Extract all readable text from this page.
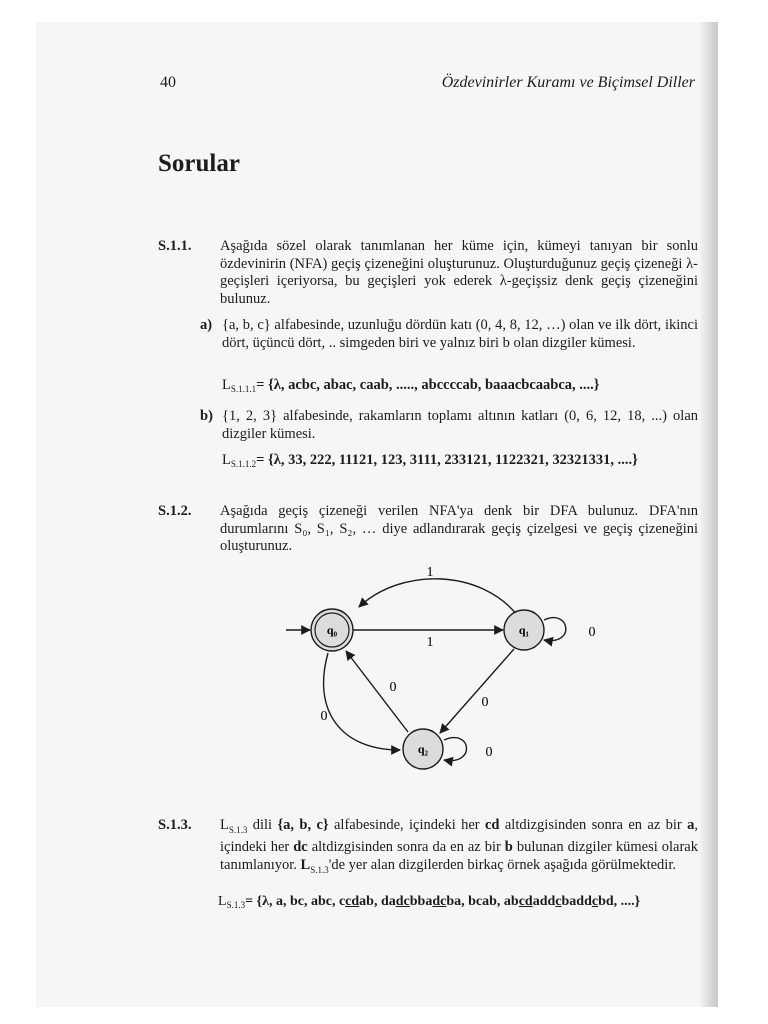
40	Özdevinirler Kuramı ve Biçimsel Diller
Sorular
S.1.1. Aşağıda sözel olarak tanımlanan her küme için, kümeyi tanıyan bir sonlu özdevinirin (NFA) geçiş çizeneğini oluşturunuz. Oluşturduğunuz geçiş çizeneği λ-geçişleri içeriyorsa, bu geçişleri yok ederek λ-geçişsiz denk geçiş çizeneğini bulunuz.
a) {a, b, c} alfabesinde, uzunluğu dördün katı (0, 4, 8, 12, …) olan ve ilk dört, ikinci dört, üçüncü dört, .. simgeden biri ve yalnız biri b olan dizgiler kümesi.
$L_{S.1.1.1}= \{\lambda$, acbc, abac, caab, ....., abccccab, baaacbcaabca, ....}
b) {1, 2, 3} alfabesinde, rakamların toplamı altının katları (0, 6, 12, 18, ...) olan dizgiler kümesi.
$L_{S.1.1.2}= \{\lambda$, 33, 222, 11121, 123, 3111, 233121, 1122321, 32321331, ....}
S.1.2. Aşağıda geçiş çizeneği verilen NFA'ya denk bir DFA bulunuz. DFA'nın durumlarını S₀, S₁, S₂, … diye adlandırarak geçiş çizelgesi ve geçiş çizeneğini oluşturunuz.
q₀	q₁
q₂
1
1
0
0
0
0
0
S.1.3. $L_{S.1.3}$ dili {a, b, c} alfabesinde, içindeki her cd altdizgisinden sonra en az bir a, içindeki her dc altdizgisinden sonra da en az bir b bulunan dizgiler kümesi olarak tanımlanıyor. $L_{S.1.3}'de$ yer alan dizgilerden birkaç örnek aşağıda görülmektedir.
$L_{S.1.3}= \{\lambda$, a, bc, abc, ccdab, dadcbbadcba, bcab, abcdaddcbaddcbd, ....}
